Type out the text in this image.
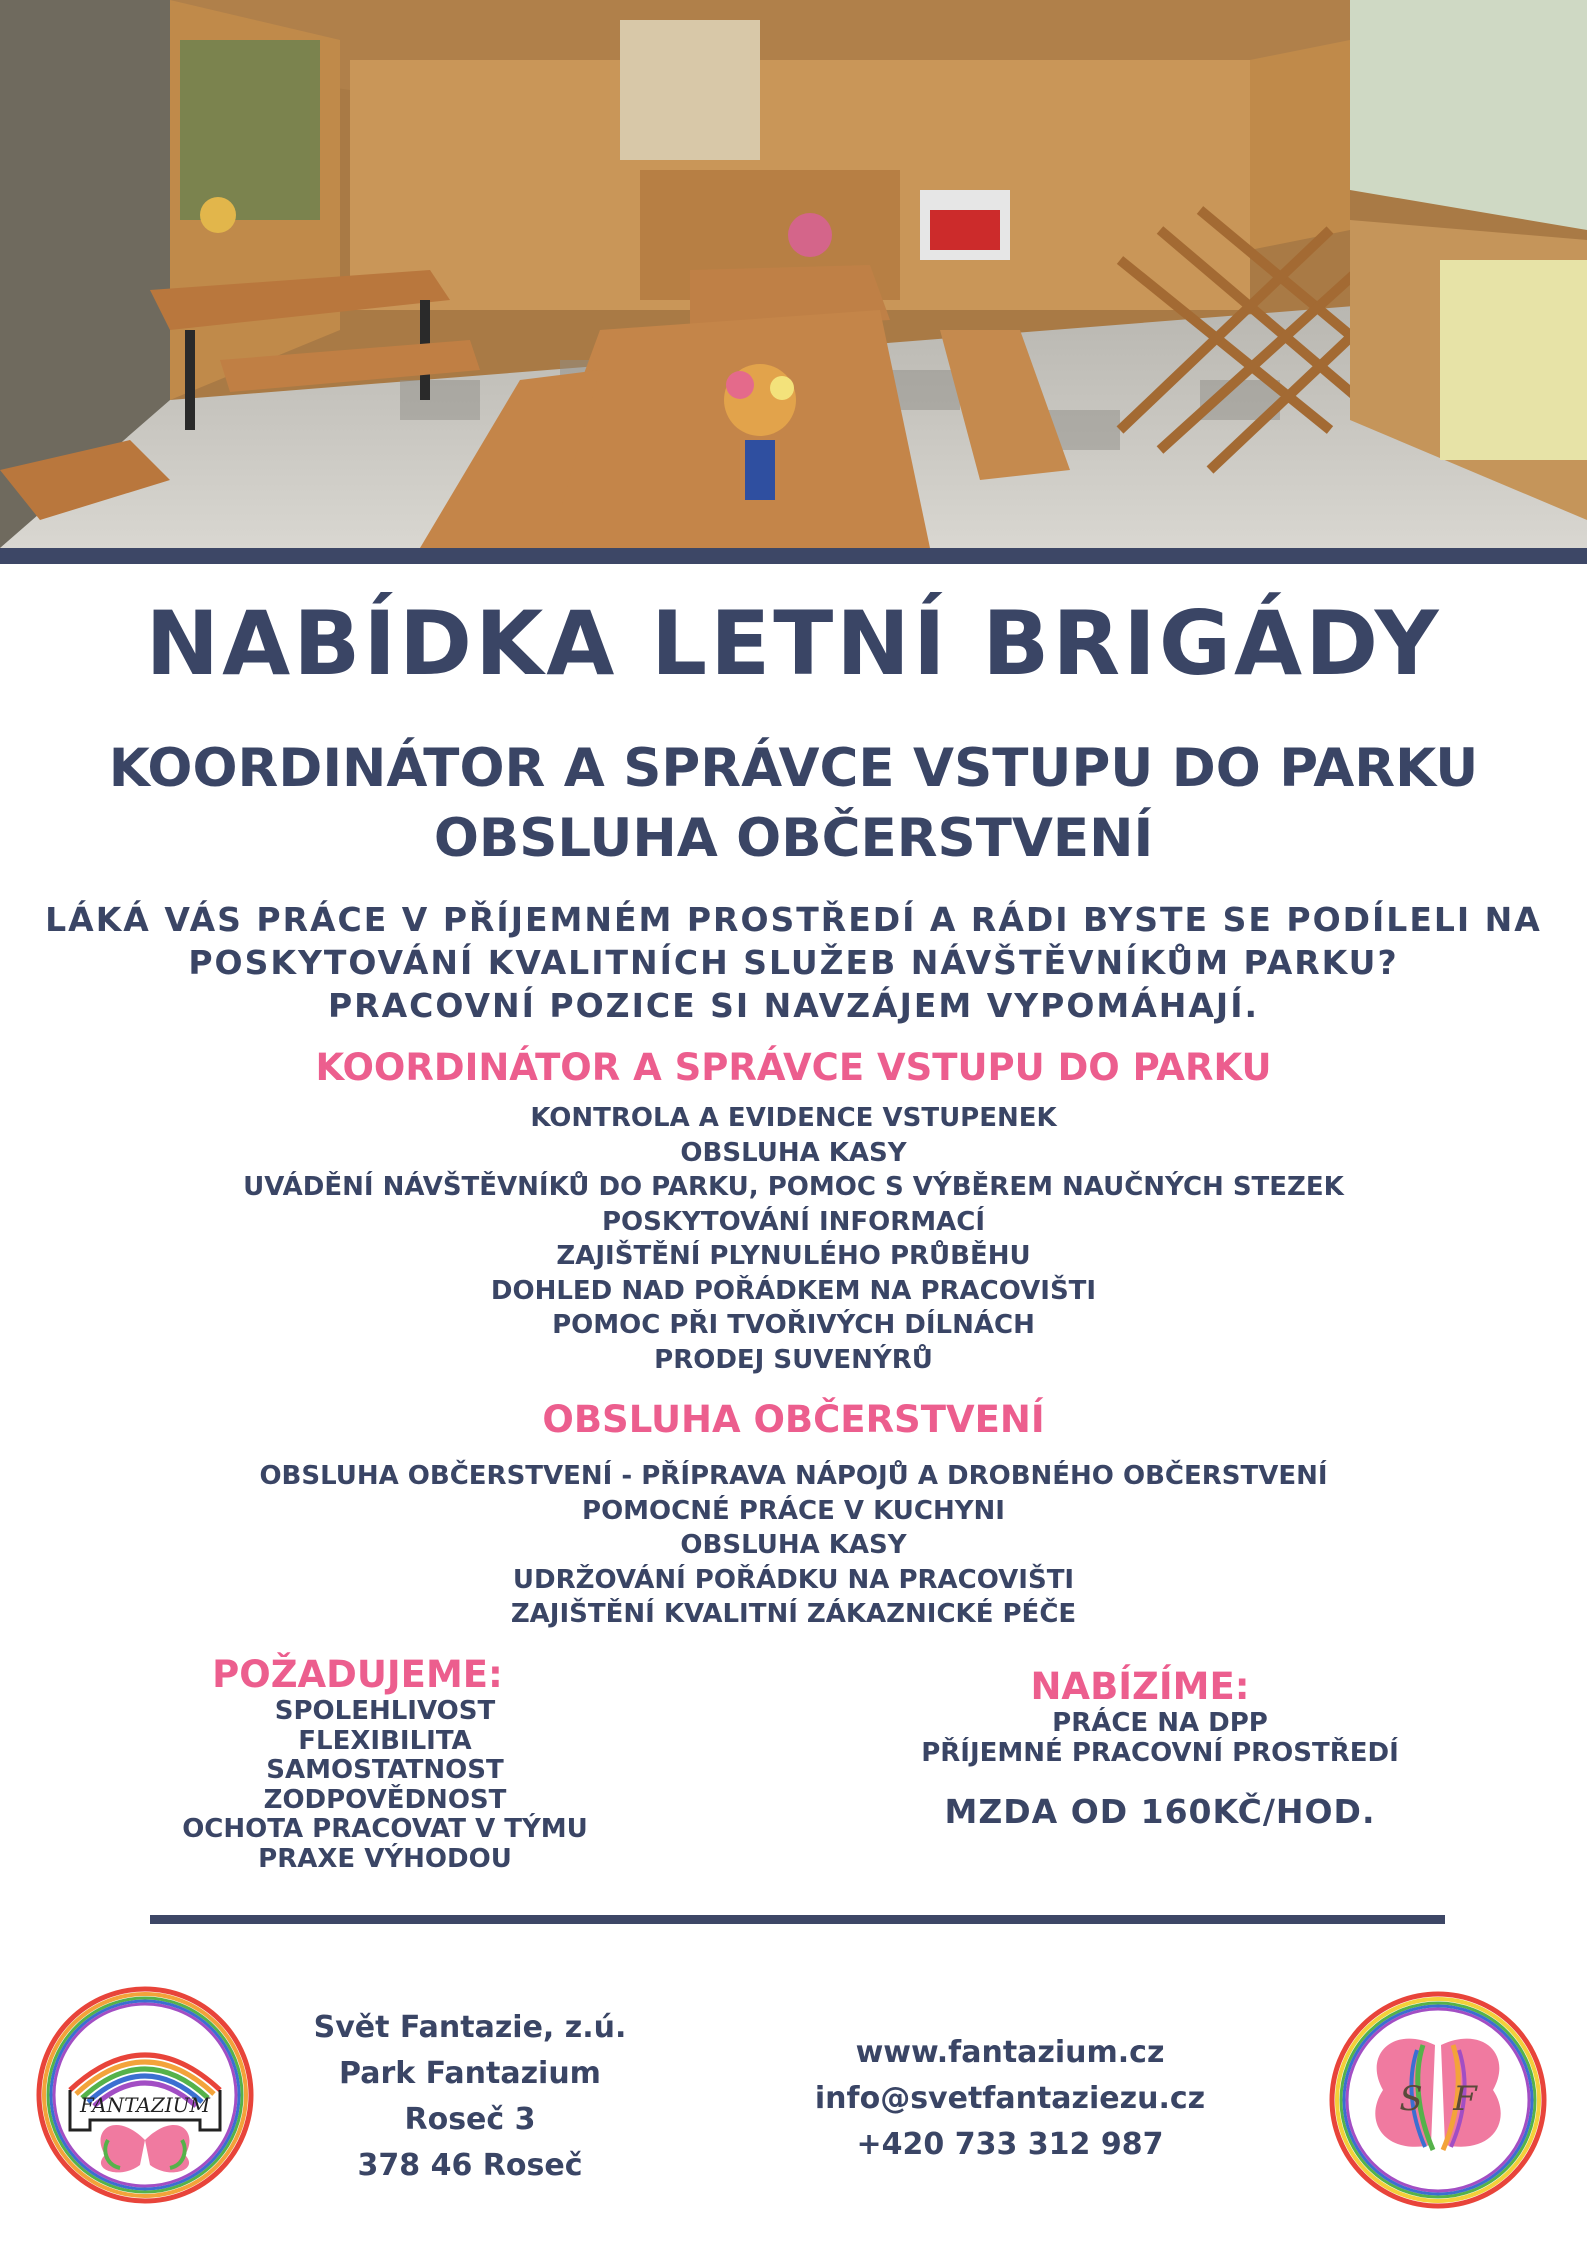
NABÍDKA LETNÍ BRIGÁDY
KOORDINÁTOR A SPRÁVCE VSTUPU DO PARKU
OBSLUHA OBČERSTVENÍ
LÁKÁ VÁS PRÁCE V PŘÍJEMNÉM PROSTŘEDÍ A RÁDI BYSTE SE PODÍLELI NA
POSKYTOVÁNÍ KVALITNÍCH SLUŽEB NÁVŠTĚVNÍKŮM PARKU?
PRACOVNÍ POZICE SI NAVZÁJEM VYPOMÁHAJÍ.
KOORDINÁTOR A SPRÁVCE VSTUPU DO PARKU
KONTROLA A EVIDENCE VSTUPENEK
OBSLUHA KASY
UVÁDĚNÍ NÁVŠTĚVNÍKŮ DO PARKU, POMOC S VÝBĚREM NAUČNÝCH STEZEK
POSKYTOVÁNÍ INFORMACÍ
ZAJIŠTĚNÍ PLYNULÉHO PRŮBĚHU
DOHLED NAD POŘÁDKEM NA PRACOVIŠTI
POMOC PŘI TVOŘIVÝCH DÍLNÁCH
PRODEJ SUVENÝRŮ
OBSLUHA OBČERSTVENÍ
OBSLUHA OBČERSTVENÍ - PŘÍPRAVA NÁPOJŮ A DROBNÉHO OBČERSTVENÍ
POMOCNÉ PRÁCE V KUCHYNI
OBSLUHA KASY
UDRŽOVÁNÍ POŘÁDKU NA PRACOVIŠTI
ZAJIŠTĚNÍ KVALITNÍ ZÁKAZNICKÉ PÉČE
POŽADUJEME:
SPOLEHLIVOST
FLEXIBILITA
SAMOSTATNOST
ZODPOVĚDNOST
OCHOTA PRACOVAT V TÝMU
PRAXE VÝHODOU
NABÍZÍME:
PRÁCE NA DPP
PŘÍJEMNÉ PRACOVNÍ PROSTŘEDÍ
MZDA OD 160KČ/HOD.
FANTAZIUM
Svět Fantazie, z.ú.
Park Fantazium
Roseč 3
378 46 Roseč
www.fantazium.cz
info@svetfantaziezu.cz
+420 733 312 987
S F
